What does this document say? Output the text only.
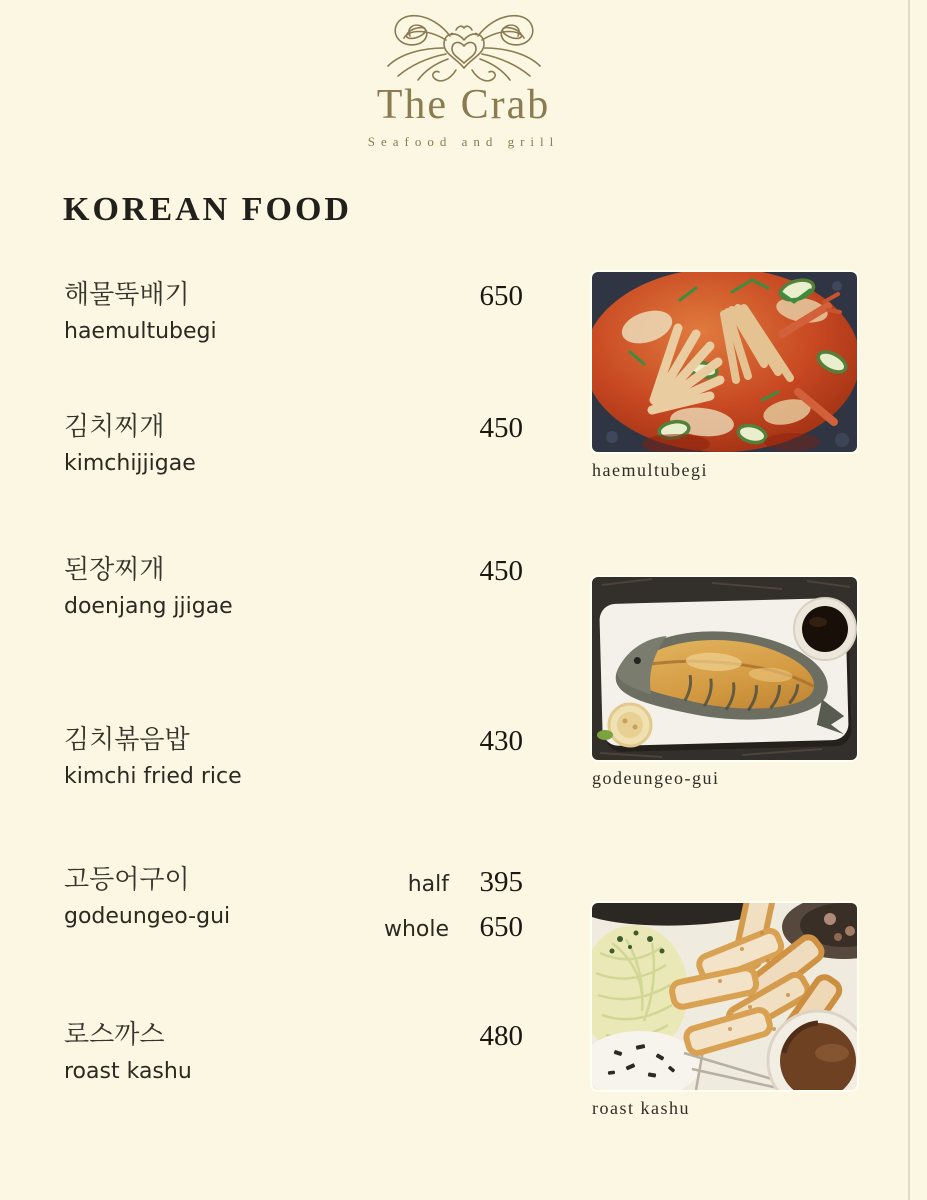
The Crab
Seafood and grill
KOREAN FOOD
해물뚝배기
haemultubegi
650
김치찌개
kimchijjigae
450
된장찌개
doenjang jjigae
450
김치볶음밥
kimchi fried rice
430
고등어구이
godeungeo-gui
half	395
whole	650
로스까스
roast kashu
480
haemultubegi
godeungeo-gui
roast kashu
